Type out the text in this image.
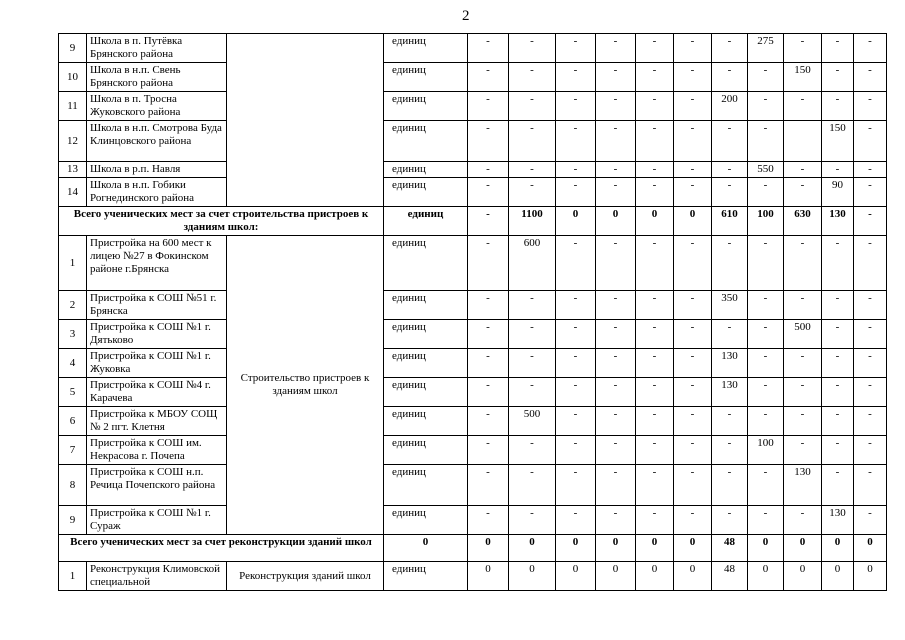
2
9	Школа в п. Путёвка Брянского района		единиц	-	-	-	-	-	-	-	275	-	-	-
10	Школа в н.п. Свень Брянского района		единиц	-	-	-	-	-	-	-	-	150	-	-
11	Школа в п. Тросна Жуковского района		единиц	-	-	-	-	-	-	200	-	-	-	-
12	Школа в н.п. Смотрова Буда Клинцовского района		единиц	-	-	-	-	-	-	-	-		150	-
13	Школа в р.п. Навля		единиц	-	-	-	-	-	-	-	550	-	-	-
14	Школа в н.п. Гобики Рогнединского района		единиц	-	-	-	-	-	-	-	-	-	90	-
Всего ученических мест за счет строительства пристроев к зданиям школ:			единиц	-	1100	0	0	0	0	610	100	630	130	-
1	Пристройка на 600 мест к лицею №27 в Фокинском районе г.Брянска	Строительство пристроев к зданиям школ	единиц	-	600	-	-	-	-	-	-	-	-	-
2	Пристройка к СОШ №51 г. Брянска		единиц	-	-	-	-	-	-	350	-	-	-	-
3	Пристройка к СОШ №1 г. Дятьково		единиц	-	-	-	-	-	-	-	-	500	-	-
4	Пристройка к СОШ №1 г. Жуковка		единиц	-	-	-	-	-	-	130	-	-	-	-
5	Пристройка к СОШ №4 г. Карачева		единиц	-	-	-	-	-	-	130	-	-	-	-
6	Пристройка к МБОУ СОЩ № 2 пгт. Клетня		единиц	-	500	-	-	-	-	-	-	-	-	-
7	Пристройка к СОШ им. Некрасова г. Почепа		единиц	-	-	-	-	-	-	-	100	-	-	-
8	Пристройка к СОШ н.п. Речица Почепского района		единиц	-	-	-	-	-	-	-	-	130	-	-
9	Пристройка к СОШ №1 г. Сураж		единиц	-	-	-	-	-	-	-	-	-	130	-
Всего ученических мест за счет реконструкции зданий школ			0	0	0	0	0	0	0	48	0	0	0	0
1	Реконструкция Климовской специальной	Реконструкция зданий школ	единиц	0	0	0	0	0	0	48	0	0	0	0
